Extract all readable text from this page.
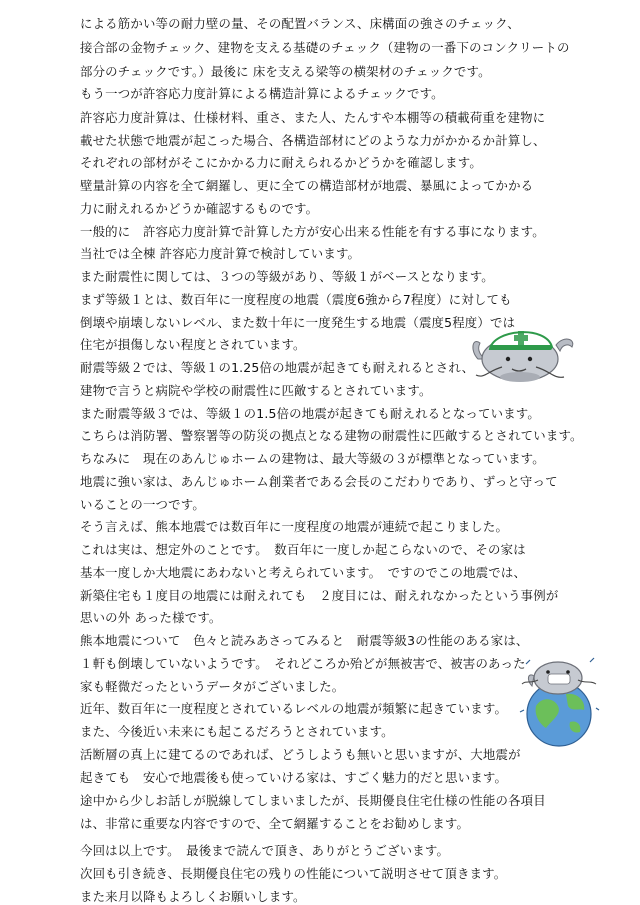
による筋かい等の耐力壁の量、その配置バランス、床構面の強さのチェック、
接合部の金物チェック、建物を支える基礎のチェック（建物の一番下のコンクリートの
部分のチェックです。）最後に 床を支える梁等の横架材のチェックです。
もう一つが許容応力度計算による構造計算によるチェックです。
許容応力度計算は、仕様材料、重さ、また人、たんすや本棚等の積載荷重を建物に
載せた状態で地震が起こった場合、各構造部材にどのような力がかかるか計算し、
それぞれの部材がそこにかかる力に耐えられるかどうかを確認します。
壁量計算の内容を全て網羅し、更に全ての構造部材が地震、暴風によってかかる
力に耐えれるかどうか確認するものです。
一般的に　許容応力度計算で計算した方が安心出来る性能を有する事になります。
当社では全棟 許容応力度計算で検討しています。
また耐震性に関しては、３つの等級があり、等級１がベースとなります。
まず等級１とは、数百年に一度程度の地震（震度6強から7程度）に対しても
倒壊や崩壊しないレベル、また数十年に一度発生する地震（震度5程度）では
住宅が損傷しない程度とされています。
耐震等級２では、等級１の1.25倍の地震が起きても耐えれるとされ、
建物で言うと病院や学校の耐震性に匹敵するとされています。
また耐震等級３では、等級１の1.5倍の地震が起きても耐えれるとなっています。
こちらは消防署、警察署等の防災の拠点となる建物の耐震性に匹敵するとされています。
ちなみに　現在のあんじゅホームの建物は、最大等級の３が標準となっています。
地震に強い家は、あんじゅホーム創業者である会長のこだわりであり、ずっと守って
いることの一つです。
そう言えば、熊本地震では数百年に一度程度の地震が連続で起こりました。
これは実は、想定外のことです。　数百年に一度しか起こらないので、その家は
基本一度しか大地震にあわないと考えられています。　ですのでこの地震では、
新築住宅も１度目の地震には耐えれても　２度目には、耐えれなかったという事例が
思いの外 あった様です。
熊本地震について　色々と読みあさってみると　耐震等級3の性能のある家は、
１軒も倒壊していないようです。　それどころか殆どが無被害で、被害のあった
家も軽微だったというデータがございました。
近年、数百年に一度程度とされているレベルの地震が頻繁に起きています。
また、今後近い未来にも起こるだろうとされています。
活断層の真上に建てるのであれば、どうしようも無いと思いますが、大地震が
起きても　安心で地震後も使っていける家は、すごく魅力的だと思います。
途中から少しお話しが脱線してしまいましたが、長期優良住宅仕様の性能の各項目
は、非常に重要な内容ですので、全て網羅することをお勧めします。
今回は以上です。　最後まで読んで頂き、ありがとうございます。
次回も引き続き、長期優良住宅の残りの性能について説明させて頂きます。
また来月以降もよろしくお願いします。
